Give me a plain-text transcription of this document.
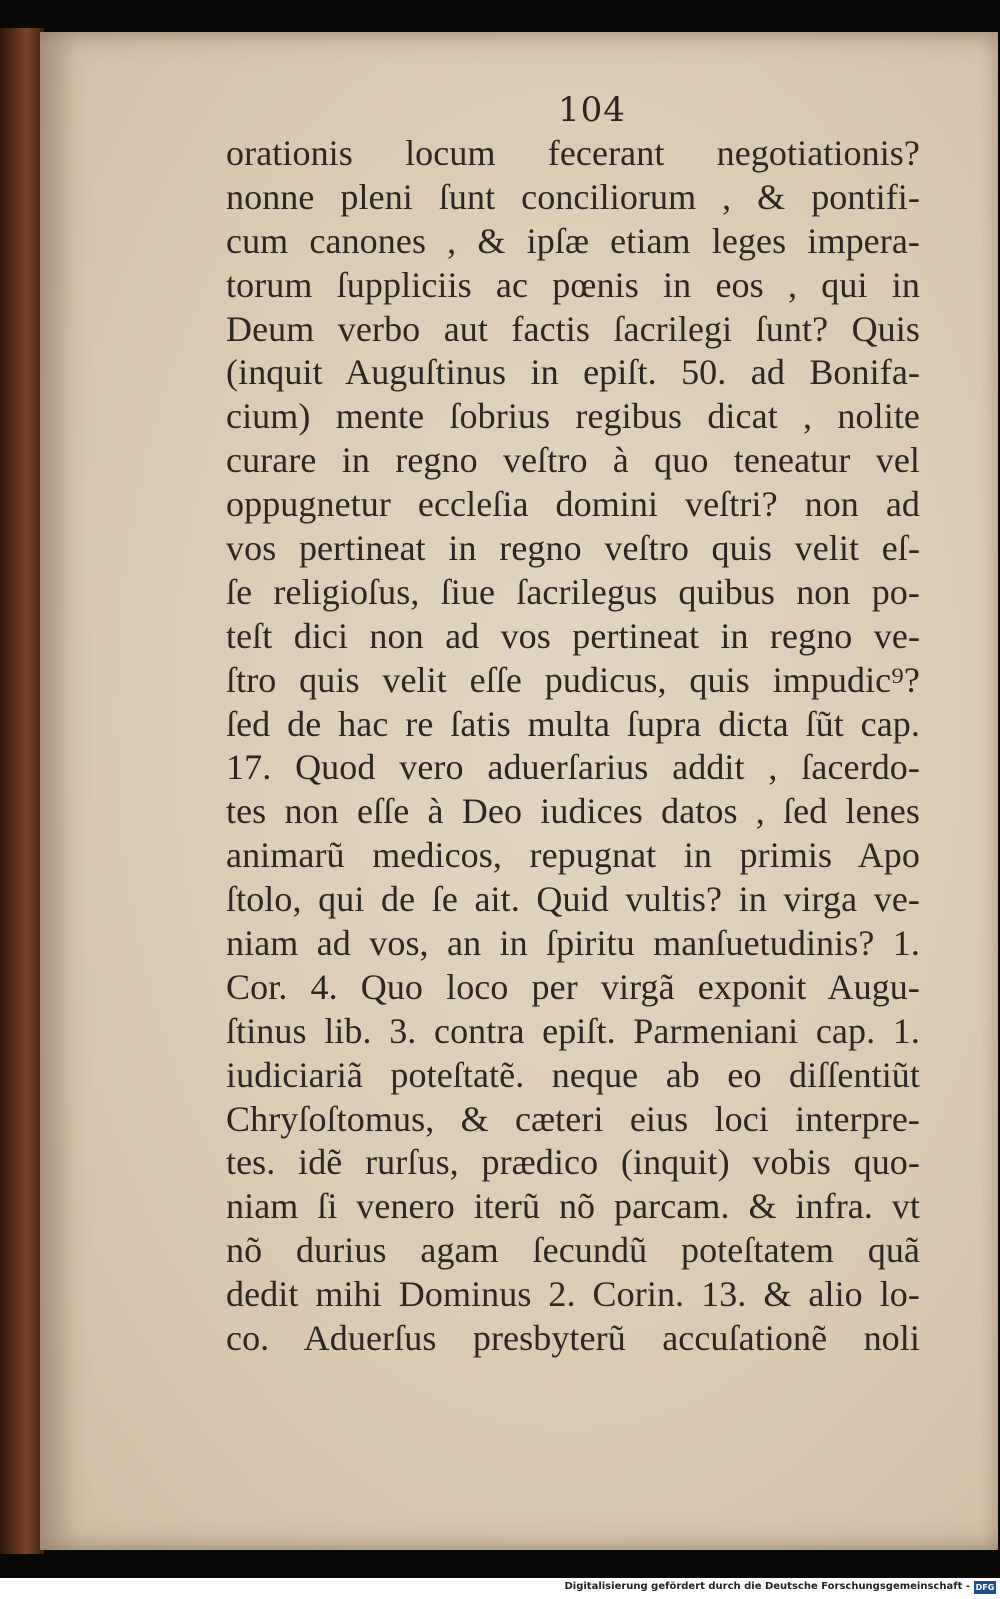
104
orationis locum fecerant negotiationis?
nonne pleni ſunt conciliorum , & pontifi-
cum canones , & ipſæ etiam leges impera-
torum ſuppliciis ac pœnis in eos , qui in
Deum verbo aut factis ſacrilegi ſunt? Quis
(inquit Auguſtinus in epiſt. 50. ad Bonifa-
cium) mente ſobrius regibus dicat , nolite
curare in regno veſtro à quo teneatur vel
oppugnetur eccleſia domini veſtri? non ad
vos pertineat in regno veſtro quis velit eſ-
ſe religioſus, ſiue ſacrilegus quibus non po-
teſt dici non ad vos pertineat in regno ve-
ſtro quis velit eſſe pudicus, quis impudic⁹?
ſed de hac re ſatis multa ſupra dicta ſũt cap.
17. Quod vero aduerſarius addit , ſacerdo-
tes non eſſe à Deo iudices datos , ſed lenes
animarũ medicos, repugnat in primis Apo
ſtolo, qui de ſe ait. Quid vultis? in virga ve-
niam ad vos, an in ſpiritu manſuetudinis? 1.
Cor. 4. Quo loco per virgã exponit Augu-
ſtinus lib. 3. contra epiſt. Parmeniani cap. 1.
iudiciariã poteſtatẽ. neque ab eo diſſentiũt
Chryſoſtomus, & cæteri eius loci interpre-
tes. idẽ rurſus, prædico (inquit) vobis quo-
niam ſi venero iterũ nõ parcam. & infra. vt
nõ durius agam ſecundũ poteſtatem quã
dedit mihi Dominus 2. Corin. 13. & alio lo-
co. Aduerſus presbyterũ accuſationẽ noli
Digitalisierung gefördert durch die Deutsche Forschungsgemeinschaft - DFG
